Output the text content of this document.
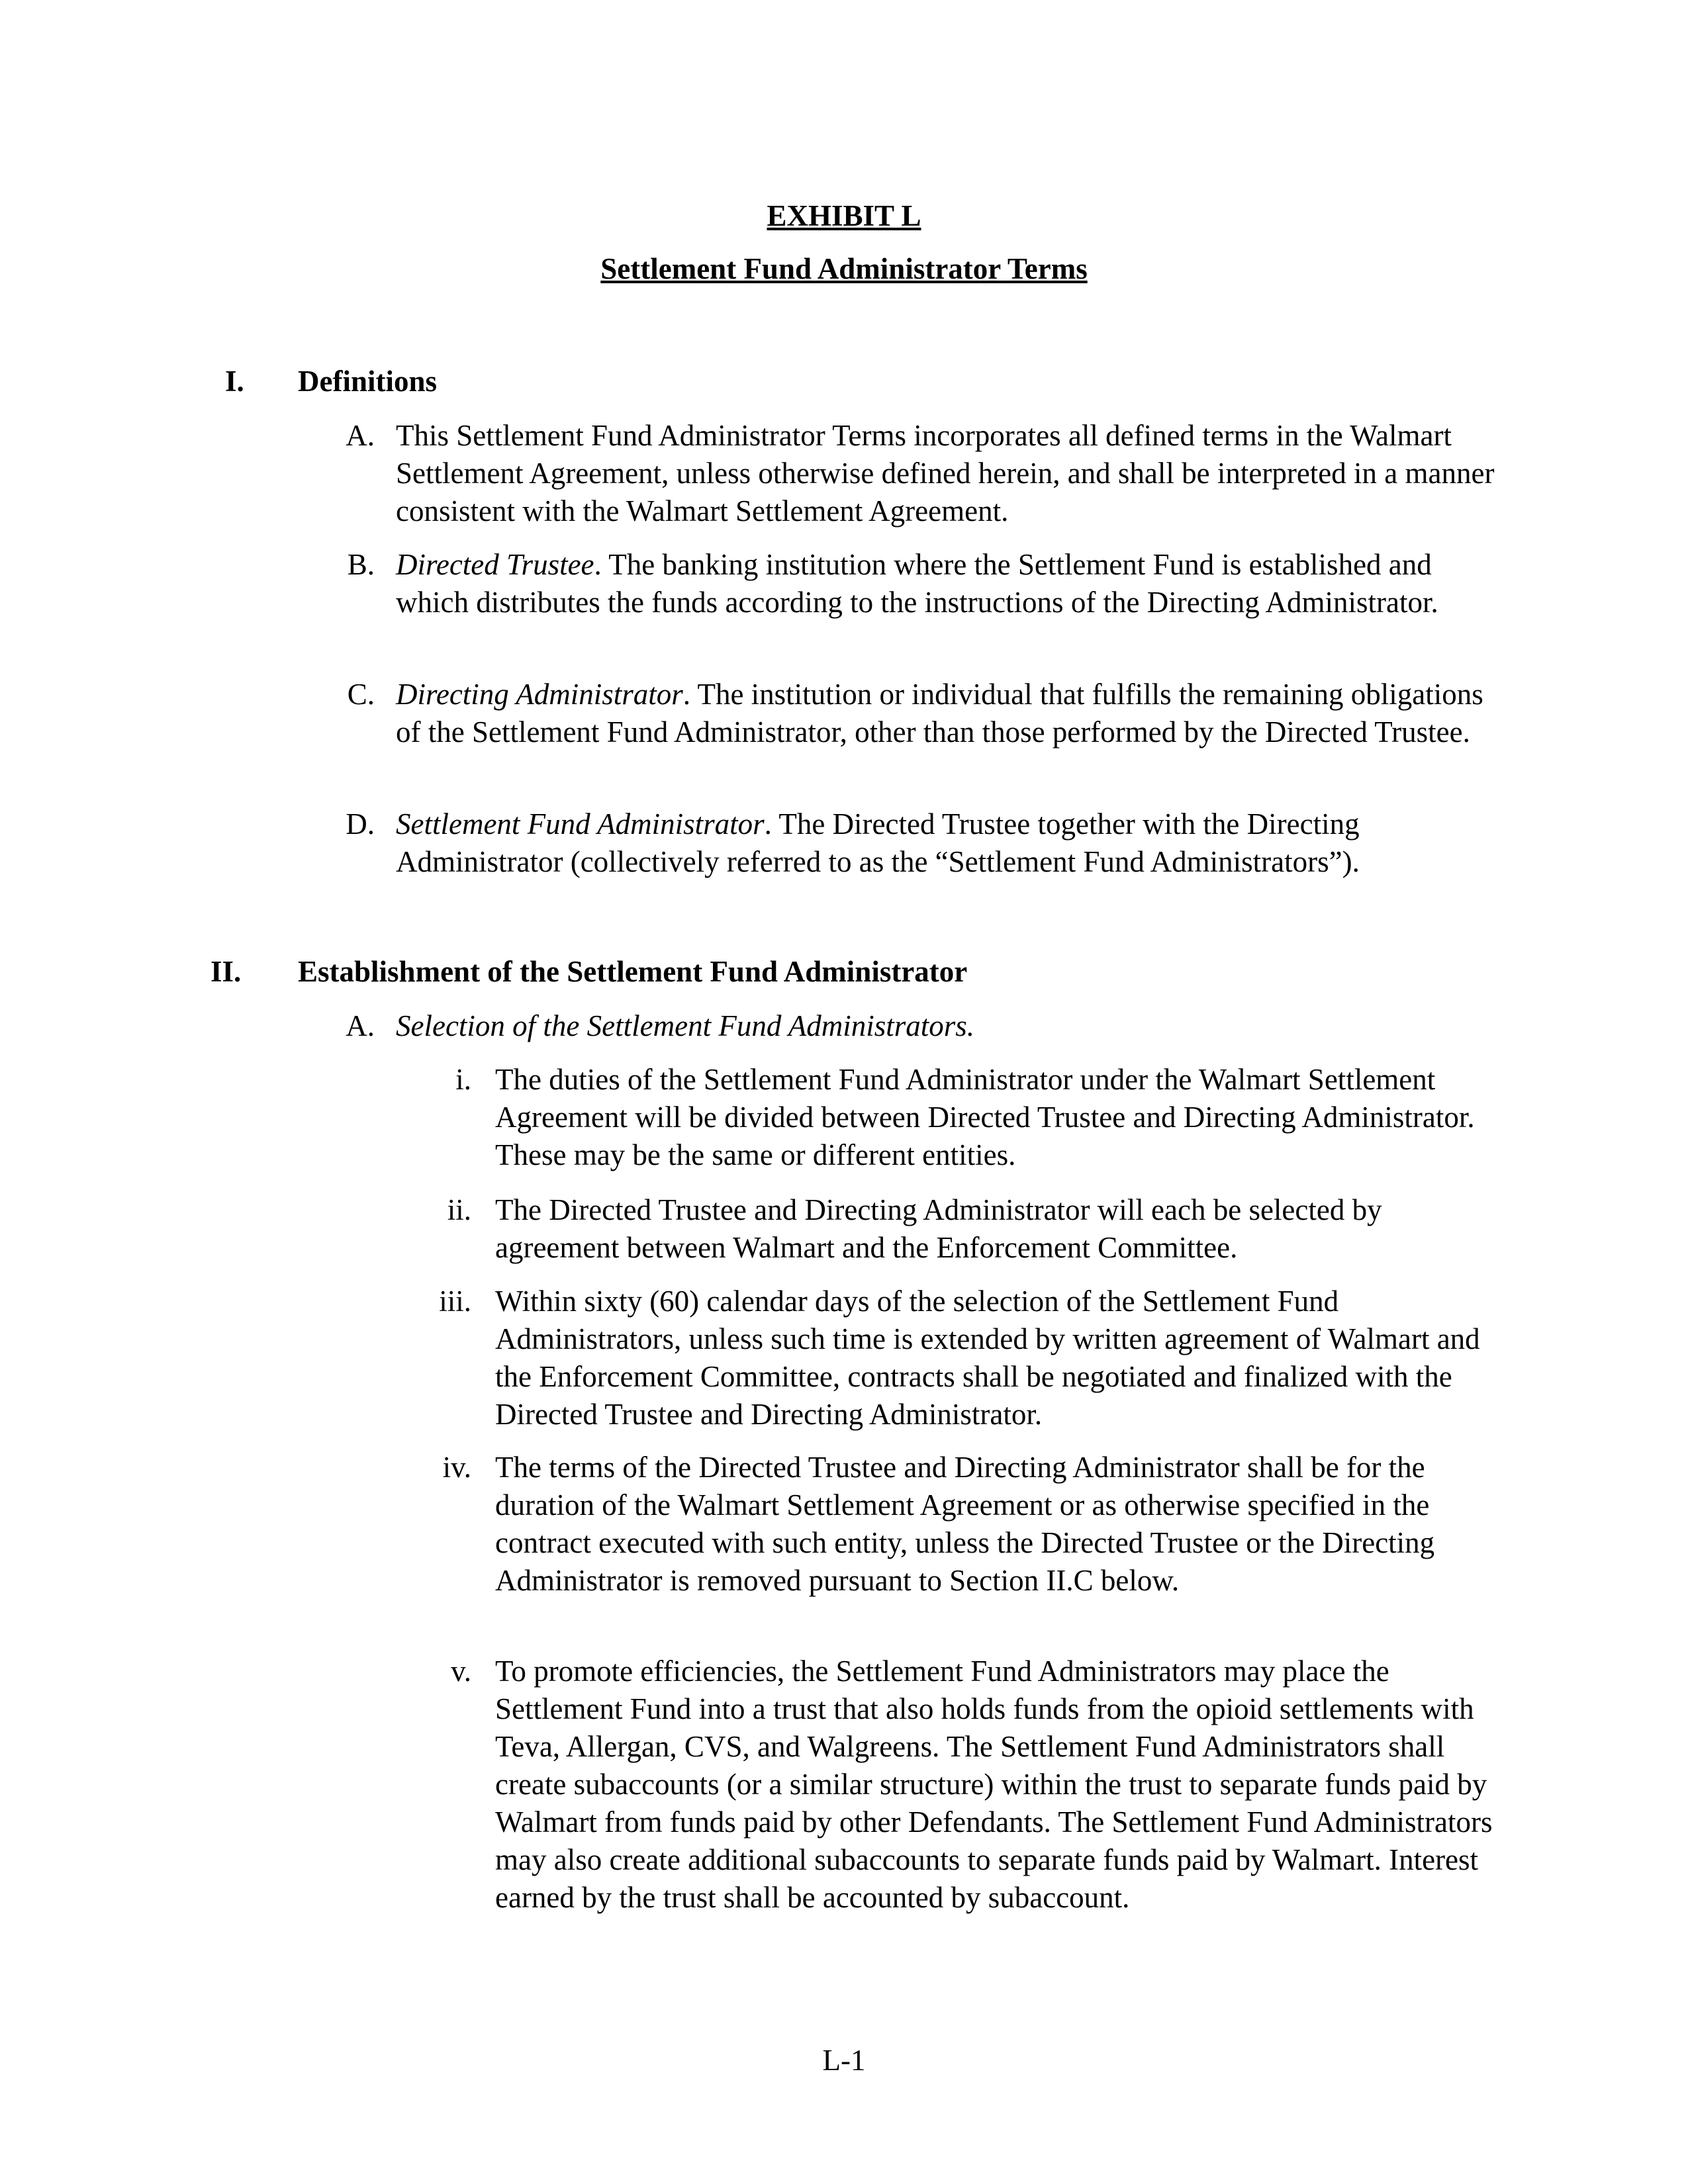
EXHIBIT L
Settlement Fund Administrator Terms
I. Definitions
A. This Settlement Fund Administrator Terms incorporates all defined terms in the Walmart Settlement Agreement, unless otherwise defined herein, and shall be interpreted in a manner consistent with the Walmart Settlement Agreement.

B. Directed Trustee. The banking institution where the Settlement Fund is established and which distributes the funds according to the instructions of the Directing Administrator.

C. Directing Administrator. The institution or individual that fulfills the remaining obligations of the Settlement Fund Administrator, other than those performed by the Directed Trustee.

D. Settlement Fund Administrator. The Directed Trustee together with the Directing Administrator (collectively referred to as the “Settlement Fund Administrators”).

II. Establishment of the Settlement Fund Administrator
A. Selection of the Settlement Fund Administrators.

i. The duties of the Settlement Fund Administrator under the Walmart Settlement Agreement will be divided between Directed Trustee and Directing Administrator. These may be the same or different entities.

ii. The Directed Trustee and Directing Administrator will each be selected by agreement between Walmart and the Enforcement Committee.

iii. Within sixty (60) calendar days of the selection of the Settlement Fund Administrators, unless such time is extended by written agreement of Walmart and the Enforcement Committee, contracts shall be negotiated and finalized with the Directed Trustee and Directing Administrator.

iv. The terms of the Directed Trustee and Directing Administrator shall be for the duration of the Walmart Settlement Agreement or as otherwise specified in the contract executed with such entity, unless the Directed Trustee or the Directing Administrator is removed pursuant to Section II.C below.

v. To promote efficiencies, the Settlement Fund Administrators may place the Settlement Fund into a trust that also holds funds from the opioid settlements with Teva, Allergan, CVS, and Walgreens. The Settlement Fund Administrators shall create subaccounts (or a similar structure) within the trust to separate funds paid by Walmart from funds paid by other Defendants. The Settlement Fund Administrators may also create additional subaccounts to separate funds paid by Walmart. Interest earned by the trust shall be accounted by subaccount.

L-1
